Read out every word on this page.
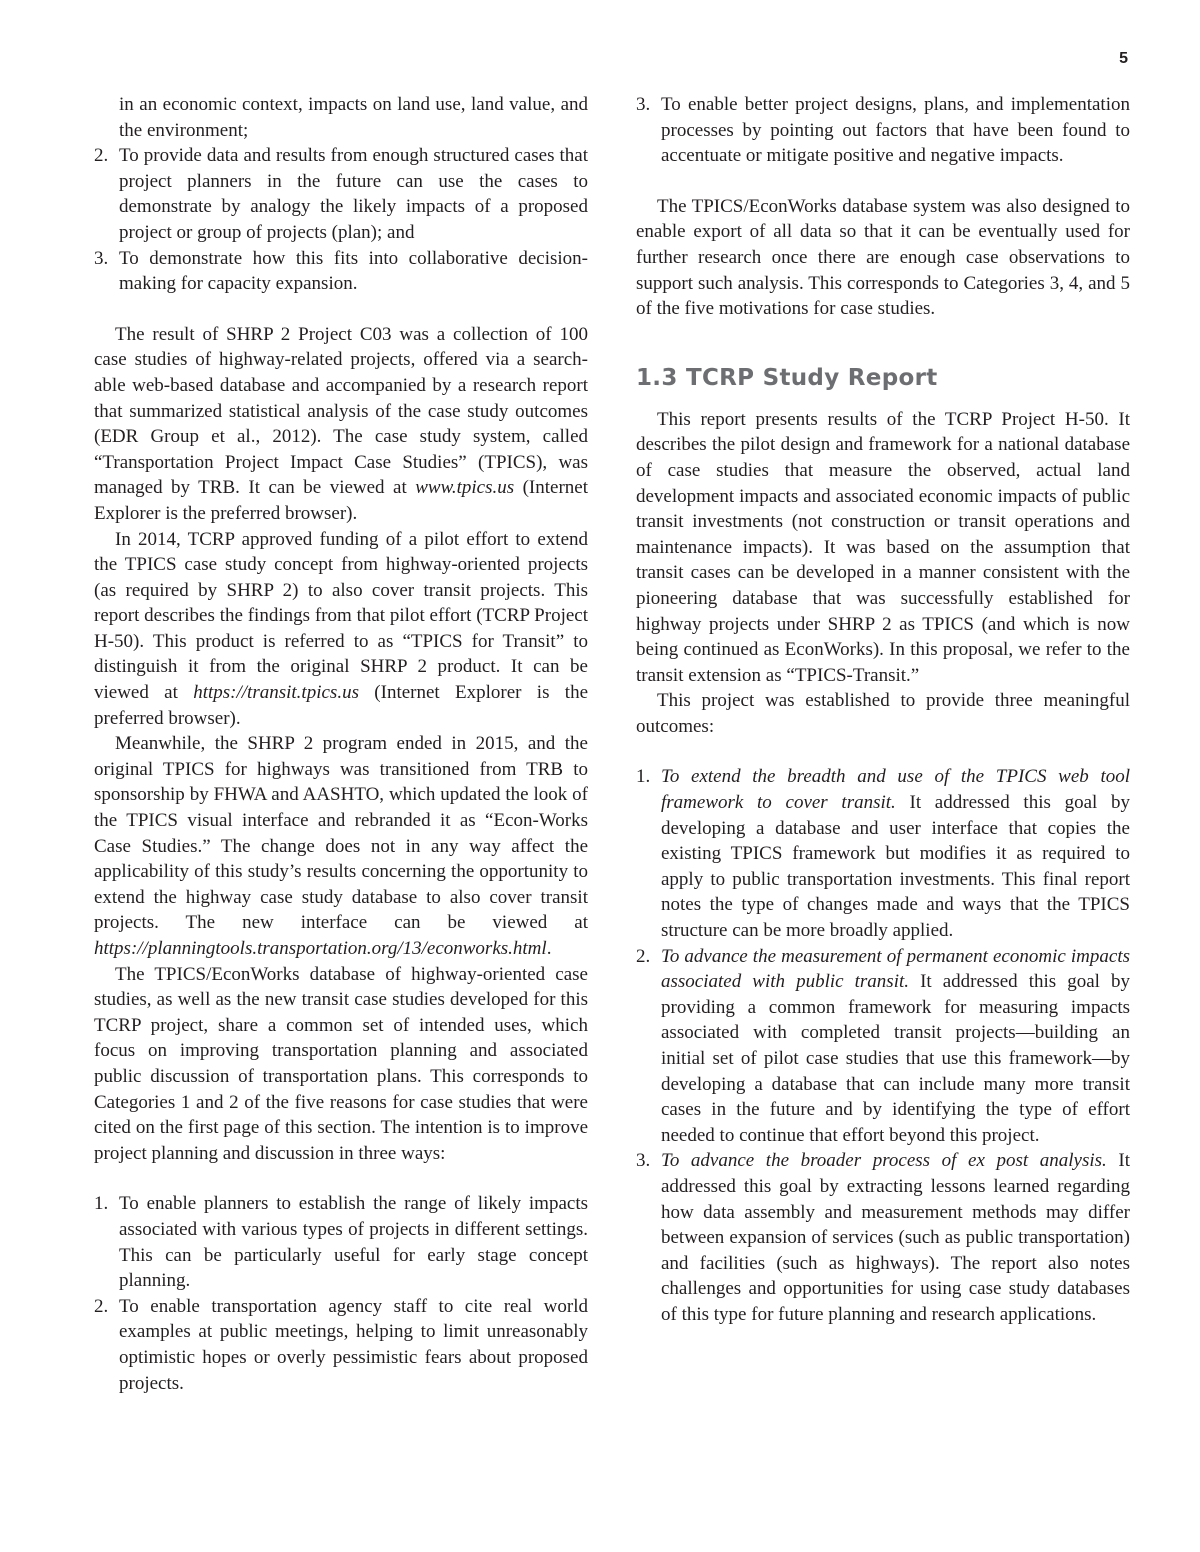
5
in an economic context, impacts on land use, land value, and the environment;
2. To provide data and results from enough structured cases that project planners in the future can use the cases to demonstrate by analogy the likely impacts of a proposed project or group of projects (plan); and
3. To demonstrate how this fits into collaborative decision-making for capacity expansion.

The result of SHRP 2 Project C03 was a collection of 100 case studies of highway-related projects, offered via a search-able web-based database and accompanied by a research report that summarized statistical analysis of the case study outcomes (EDR Group et al., 2012). The case study system, called “Transportation Project Impact Case Studies” (TPICS), was managed by TRB. It can be viewed at www.tpics.us (Internet Explorer is the preferred browser).

In 2014, TCRP approved funding of a pilot effort to extend the TPICS case study concept from highway-oriented projects (as required by SHRP 2) to also cover transit projects. This report describes the findings from that pilot effort (TCRP Project H-50). This product is referred to as “TPICS for Transit” to distinguish it from the original SHRP 2 product. It can be viewed at https://transit.tpics.us (Internet Explorer is the preferred browser).

Meanwhile, the SHRP 2 program ended in 2015, and the original TPICS for highways was transitioned from TRB to sponsorship by FHWA and AASHTO, which updated the look of the TPICS visual interface and rebranded it as “Econ-Works Case Studies.” The change does not in any way affect the applicability of this study’s results concerning the opportunity to extend the highway case study database to also cover transit projects. The new interface can be viewed at https://planningtools.transportation.org/13/econworks.html.

The TPICS/EconWorks database of highway-oriented case studies, as well as the new transit case studies developed for this TCRP project, share a common set of intended uses, which focus on improving transportation planning and associated public discussion of transportation plans. This corresponds to Categories 1 and 2 of the five reasons for case studies that were cited on the first page of this section. The intention is to improve project planning and discussion in three ways:

1. To enable planners to establish the range of likely impacts associated with various types of projects in different settings. This can be particularly useful for early stage concept planning.
2. To enable transportation agency staff to cite real world examples at public meetings, helping to limit unreasonably optimistic hopes or overly pessimistic fears about proposed projects.
3. To enable better project designs, plans, and implementation processes by pointing out factors that have been found to accentuate or mitigate positive and negative impacts.

The TPICS/EconWorks database system was also designed to enable export of all data so that it can be eventually used for further research once there are enough case observations to support such analysis. This corresponds to Categories 3, 4, and 5 of the five motivations for case studies.

1.3 TCRP Study Report

This report presents results of the TCRP Project H-50. It describes the pilot design and framework for a national database of case studies that measure the observed, actual land development impacts and associated economic impacts of public transit investments (not construction or transit operations and maintenance impacts). It was based on the assumption that transit cases can be developed in a manner consistent with the pioneering database that was successfully established for highway projects under SHRP 2 as TPICS (and which is now being continued as EconWorks). In this proposal, we refer to the transit extension as “TPICS-Transit.”

This project was established to provide three meaningful outcomes:

1. To extend the breadth and use of the TPICS web tool framework to cover transit. It addressed this goal by developing a database and user interface that copies the existing TPICS framework but modifies it as required to apply to public transportation investments. This final report notes the type of changes made and ways that the TPICS structure can be more broadly applied.
2. To advance the measurement of permanent economic impacts associated with public transit. It addressed this goal by providing a common framework for measuring impacts associated with completed transit projects—building an initial set of pilot case studies that use this framework—by developing a database that can include many more transit cases in the future and by identifying the type of effort needed to continue that effort beyond this project.
3. To advance the broader process of ex post analysis. It addressed this goal by extracting lessons learned regarding how data assembly and measurement methods may differ between expansion of services (such as public transportation) and facilities (such as highways). The report also notes challenges and opportunities for using case study databases of this type for future planning and research applications.
